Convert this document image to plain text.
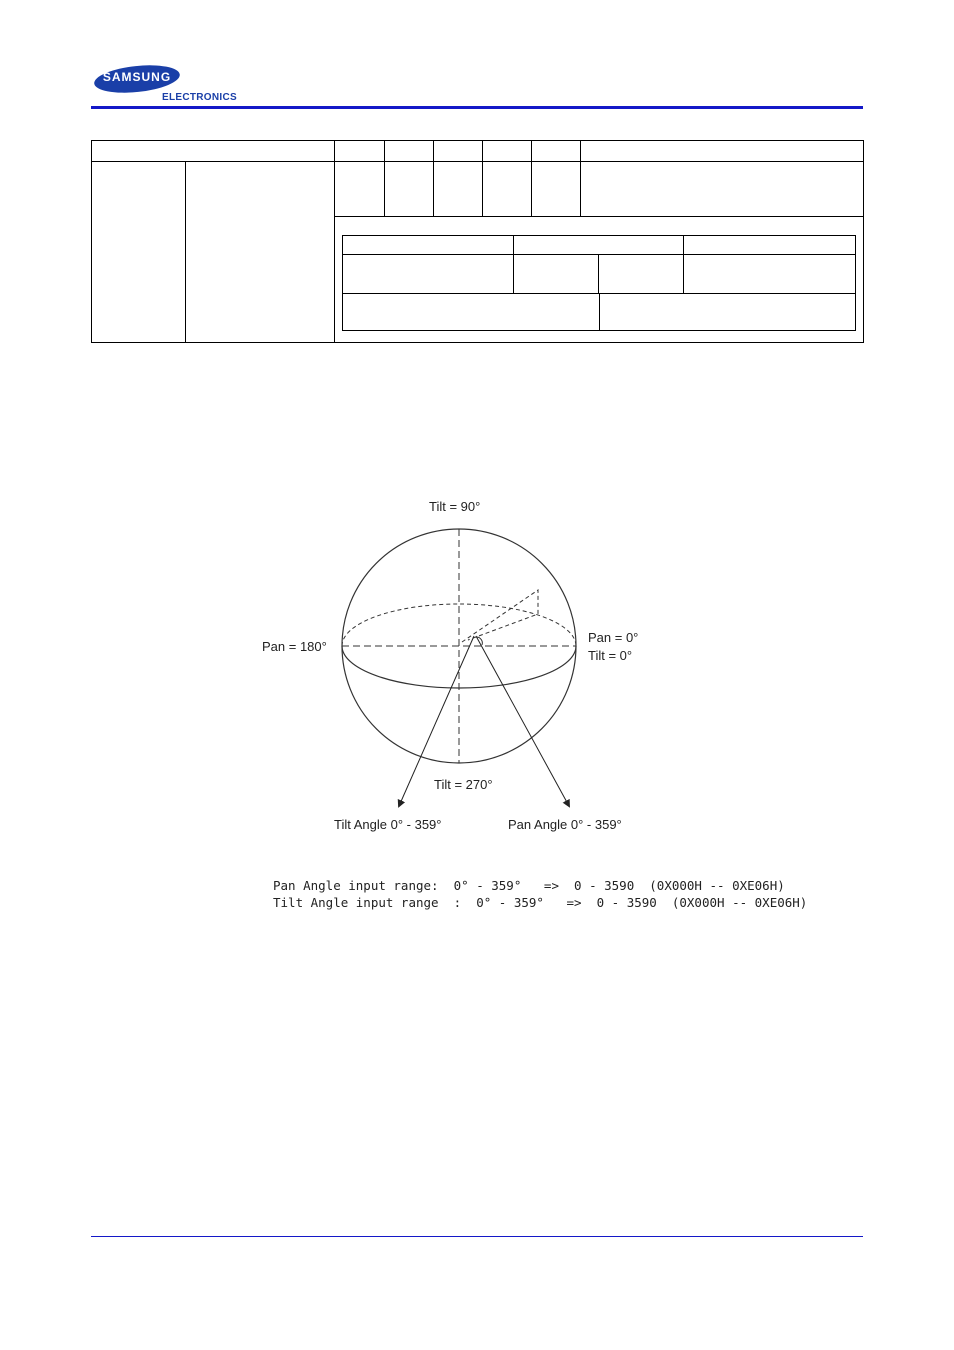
SAMSUNG
ELECTRONICS

Tilt = 90°
Pan = 180°
Pan = 0°
Tilt = 0°
Tilt = 270°
Tilt Angle 0° - 359°	Pan Angle 0° - 359°
Pan Angle input range:  0° - 359°   =>  0 - 3590  (0X000H -- 0XE06H)
Tilt Angle input range  :  0° - 359°   =>  0 - 3590  (0X000H -- 0XE06H)
